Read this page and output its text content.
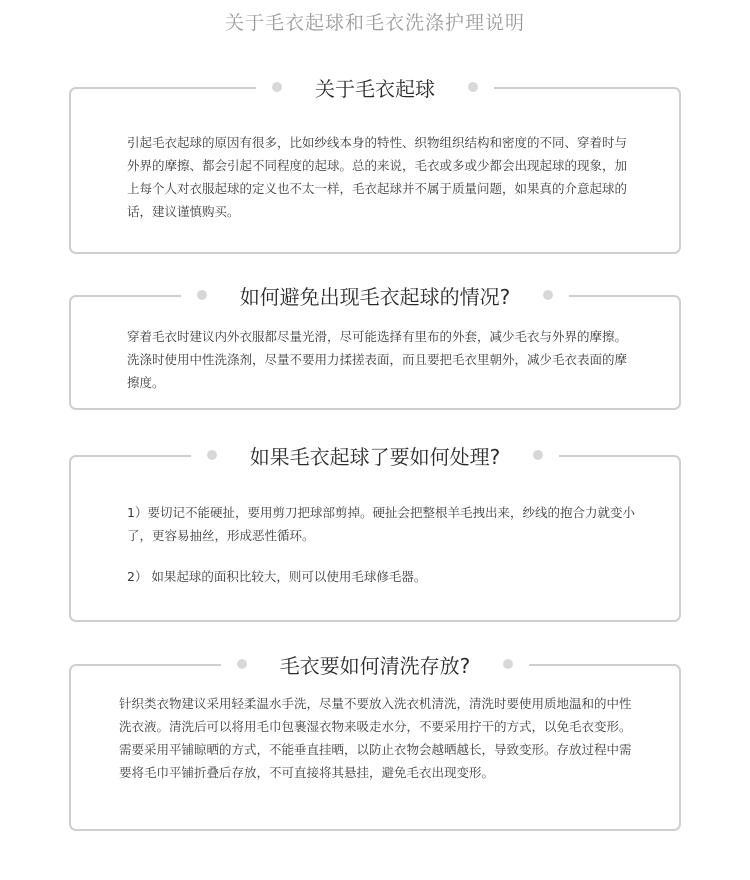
关于毛衣起球和毛衣洗涤护理说明
关于毛衣起球

引起毛衣起球的原因有很多，比如纱线本身的特性、织物组织结构和密度的不同、穿着时与外界的摩擦、都会引起不同程度的起球。总的来说，毛衣或多或少都会出现起球的现象，加上每个人对衣服起球的定义也不太一样，毛衣起球并不属于质量问题，如果真的介意起球的话，建议谨慎购买。

如何避免出现毛衣起球的情况?

穿着毛衣时建议内外衣服都尽量光滑，尽可能选择有里布的外套，减少毛衣与外界的摩擦。洗涤时使用中性洗涤剂，尽量不要用力揉搓表面，而且要把毛衣里朝外，减少毛衣表面的摩擦度。

如果毛衣起球了要如何处理?

1）要切记不能硬扯，要用剪刀把球部剪掉。硬扯会把整根羊毛拽出来，纱线的抱合力就变小了，更容易抽丝，形成恶性循环。

2） 如果起球的面积比较大，则可以使用毛球修毛器。

毛衣要如何清洗存放?

针织类衣物建议采用轻柔温水手洗，尽量不要放入洗衣机清洗，清洗时要使用质地温和的中性洗衣液。清洗后可以将用毛巾包裹湿衣物来吸走水分，不要采用拧干的方式，以免毛衣变形。需要采用平铺晾晒的方式，不能垂直挂晒，以防止衣物会越晒越长，导致变形。存放过程中需要将毛巾平铺折叠后存放，不可直接将其悬挂，避免毛衣出现变形。
